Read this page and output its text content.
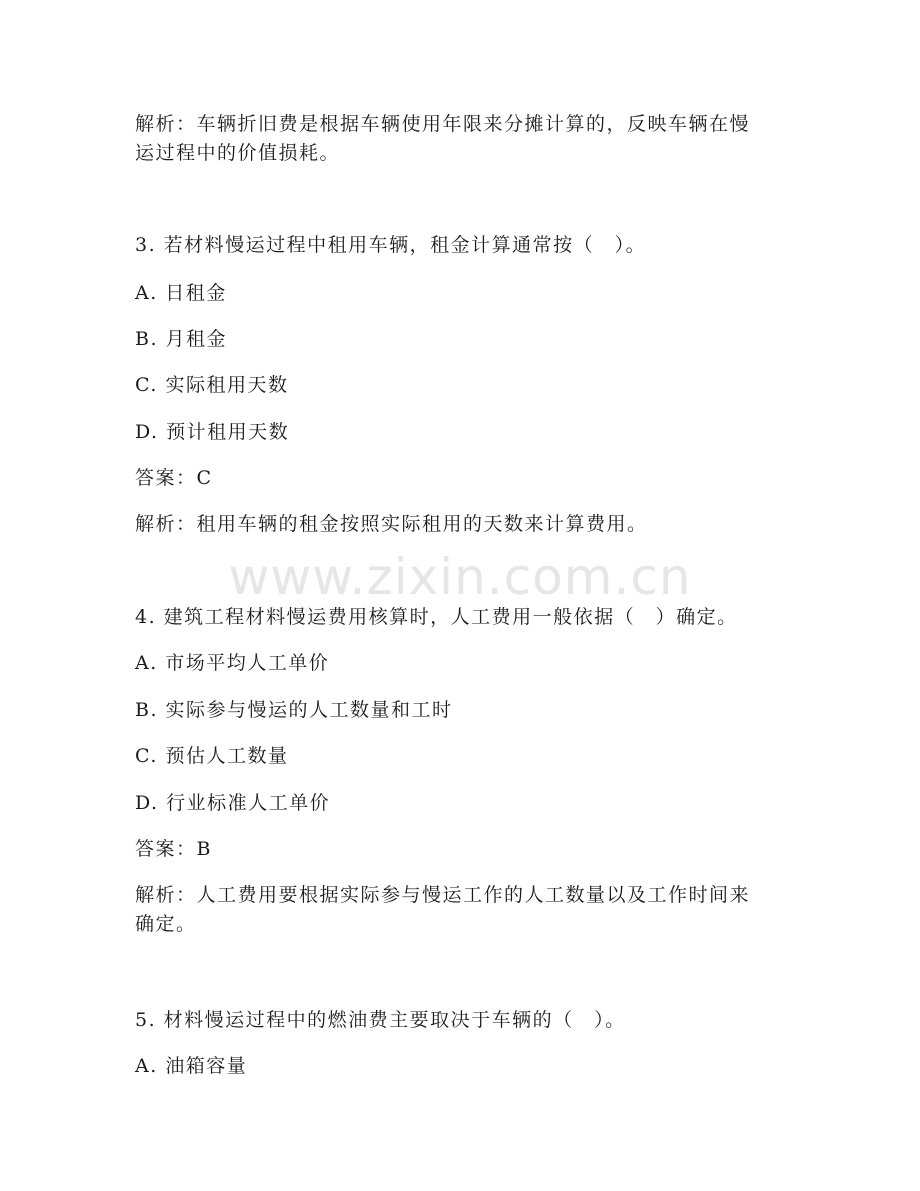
www.zixin.com.cn
解析：车辆折旧费是根据车辆使用年限来分摊计算的，反映车辆在慢
运过程中的价值损耗。
3. 若材料慢运过程中租用车辆，租金计算通常按（　）。
A. 日租金
B. 月租金
C. 实际租用天数
D. 预计租用天数
答案：C
解析：租用车辆的租金按照实际租用的天数来计算费用。
4. 建筑工程材料慢运费用核算时，人工费用一般依据（　）确定。
A. 市场平均人工单价
B. 实际参与慢运的人工数量和工时
C. 预估人工数量
D. 行业标准人工单价
答案：B
解析：人工费用要根据实际参与慢运工作的人工数量以及工作时间来
确定。
5. 材料慢运过程中的燃油费主要取决于车辆的（　）。
A. 油箱容量
